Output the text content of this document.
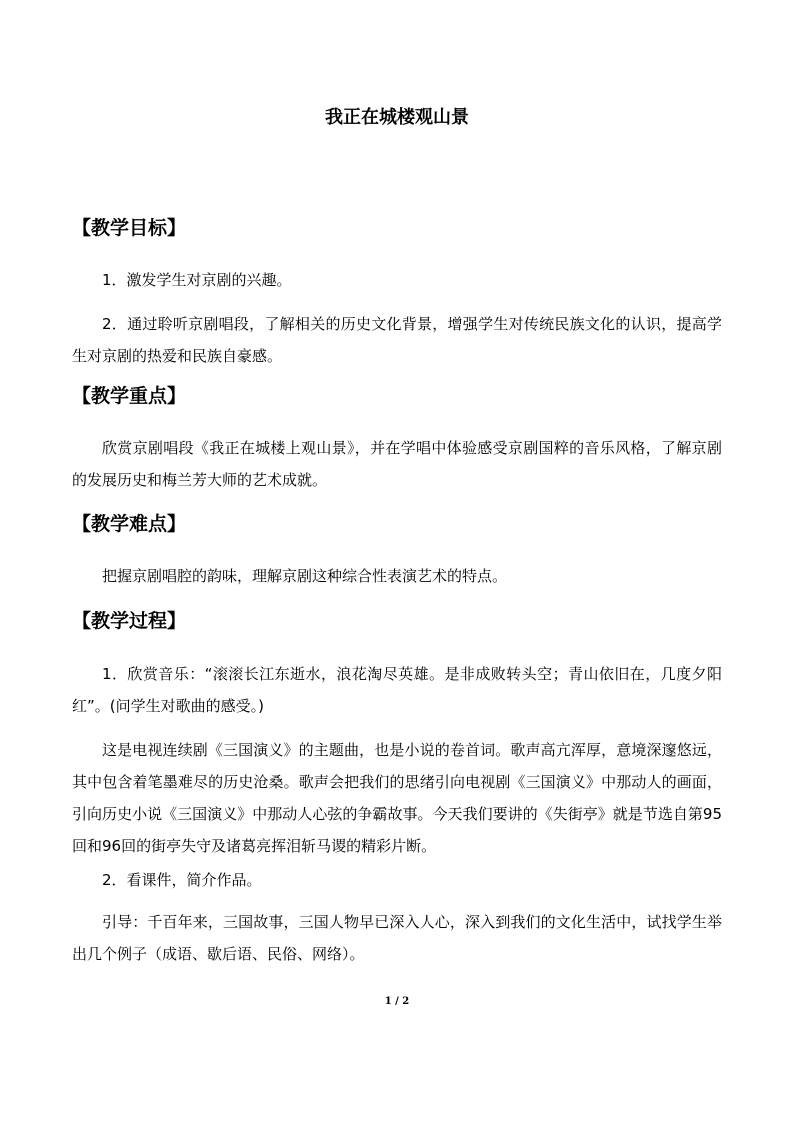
我正在城楼观山景
【教学目标】

1．激发学生对京剧的兴趣。

2．通过聆听京剧唱段，了解相关的历史文化背景，增强学生对传统民族文化的认识，提高学生对京剧的热爱和民族自豪感。

【教学重点】

欣赏京剧唱段《我正在城楼上观山景》，并在学唱中体验感受京剧国粹的音乐风格，了解京剧的发展历史和梅兰芳大师的艺术成就。

【教学难点】

把握京剧唱腔的韵味，理解京剧这种综合性表演艺术的特点。

【教学过程】

1．欣赏音乐：“滚滚长江东逝水，浪花淘尽英雄。是非成败转头空；青山依旧在，几度夕阳红”。(问学生对歌曲的感受。)

这是电视连续剧《三国演义》的主题曲，也是小说的卷首词。歌声高亢浑厚，意境深邃悠远，其中包含着笔墨难尽的历史沧桑。歌声会把我们的思绪引向电视剧《三国演义》中那动人的画面，引向历史小说《三国演义》中那动人心弦的争霸故事。今天我们要讲的《失街亭》就是节选自第95回和96回的街亭失守及诸葛亮挥泪斩马谡的精彩片断。

2．看课件，简介作品。

引导：千百年来，三国故事，三国人物早已深入人心，深入到我们的文化生活中，试找学生举出几个例子（成语、歇后语、民俗、网络）。

1 / 2
